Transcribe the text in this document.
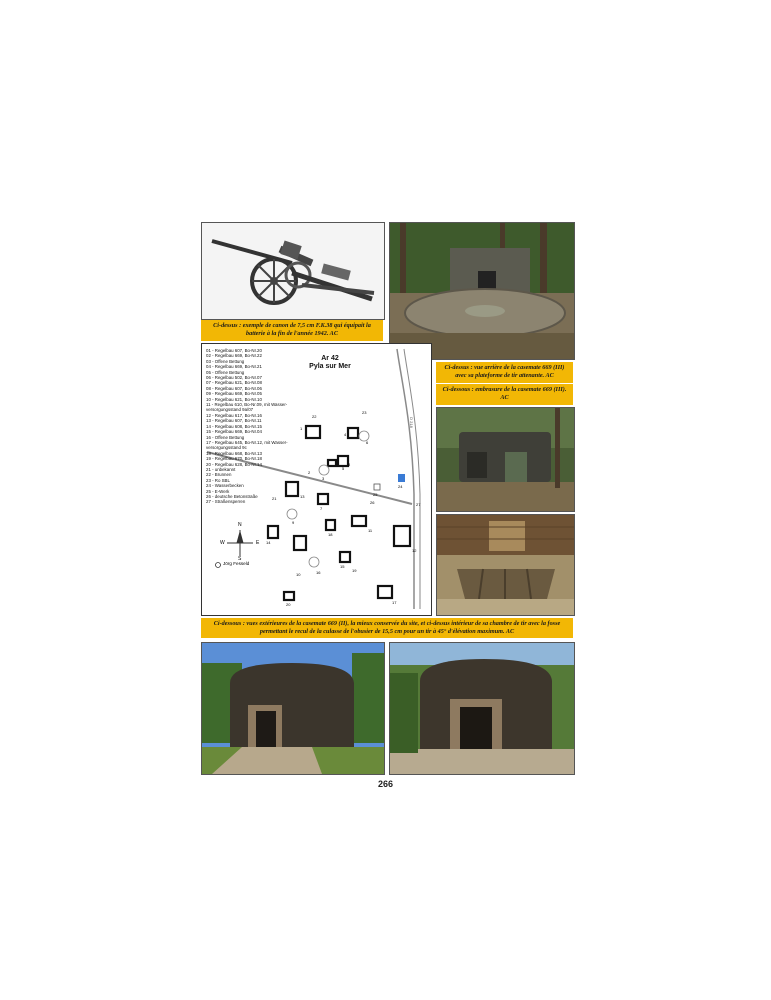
Ci-dessus : exemple de canon de 7,5 cm F.K.38 qui équipait la batterie à la fin de l'année 1942. AC
D 218
N
S
W	E
Jörg Fesseld
22
23
1
4
6
2
3
5
8
25
24
26	27
21	13
9
7
11
12
14
10
18
15
16
17
20
19
Ar 42
Pyla sur Mer
01 - Regelbau 607, Bo-Nr.20
02 - Regelbau 669, Bo-Nr.22
03 - Offene Bettung
04 - Regelbau 669, Bo-Nr.21
05 - Offene Bettung
06 - Regelbau 502, Bo-Nr.07
07 - Regelbau 621, Bo-Nr.08
08 - Regelbau 607, Bo-Nr.06
09 - Regelbau 669, Bo-Nr.05
10 - Regelbau 621, Bo-Nr.10
11 - Regelbau 610, Bo-Nr.09, mit Wasser-
versorgungsstand 9a/07
12 - Regelbau 617, Bo-Nr.16
13 - Regelbau 607, Bo-Nr.11
14 - Regelbau 608, Bo-Nr.15
15 - Regelbau 669, Bo-Nr.04
16 - Offene Bettung
17 - Regelbau 645, Bo-Nr.12, mit Wasser-
versorgungsstand 9c
18 - Regelbau 668, Bo-Nr.13
19 - Regelbau 670, Bo-Nr.18
20 - Regelbau 628, Bo-Nr.14
21 - unbekannt
22 - Brunnen
23 - Ro SBL
24 - Wasserbecken
25 - E-Werk
26 - deutsche Betonstraße
27 - Straßensperren
Ci-dessus : vue arrière de la casemate 669 (III) avec sa plateforme de tir attenante. AC
Ci-dessous : embrasure de la casemate 669 (III). AC
Ci-dessous : vues extérieures de la casemate 669 (II), la mieux conservée du site, et ci-dessus intérieur de sa chambre de tir avec la fosse permettant le recul de la culasse de l'obusier de 15,5 cm pour un tir à 45° d'élévation maximum. AC
266
